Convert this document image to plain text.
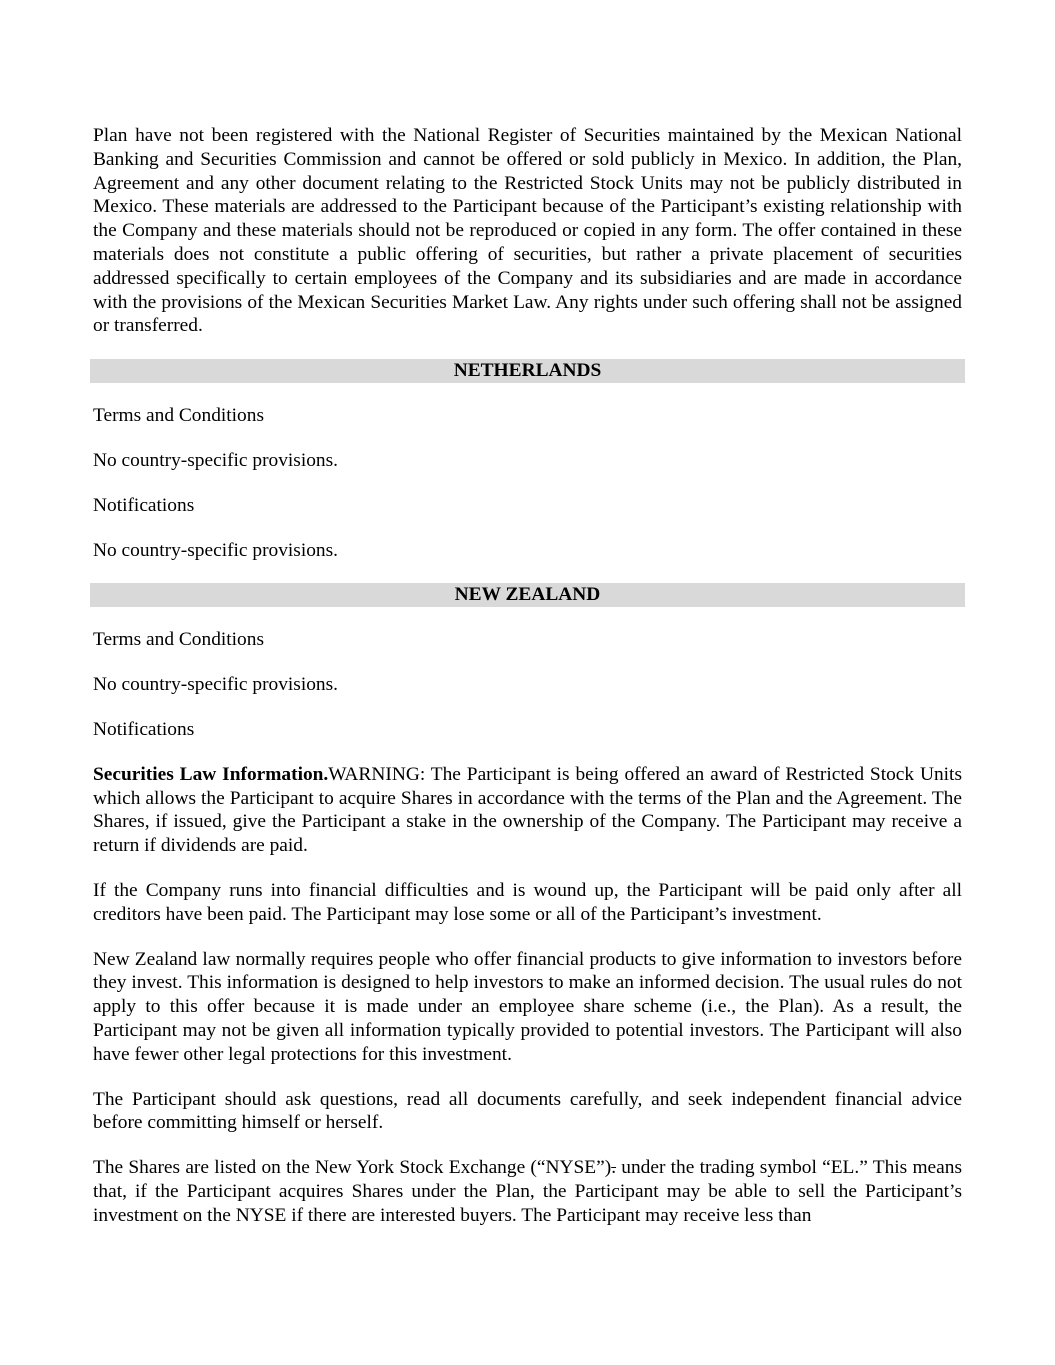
Plan have not been registered with the National Register of Securities maintained by the Mexican National Banking and Securities Commission and cannot be offered or sold publicly in Mexico. In addition, the Plan, Agreement and any other document relating to the Restricted Stock Units may not be publicly distributed in Mexico. These materials are addressed to the Participant because of the Participant’s existing relationship with the Company and these materials should not be reproduced or copied in any form. The offer contained in these materials does not constitute a public offering of securities, but rather a private placement of securities addressed specifically to certain employees of the Company and its subsidiaries and are made in accordance with the provisions of the Mexican Securities Market Law. Any rights under such offering shall not be assigned or transferred.

NETHERLANDS

Terms and Conditions

No country-specific provisions.

Notifications

No country-specific provisions.

NEW ZEALAND

Terms and Conditions

No country-specific provisions.

Notifications

Securities Law Information.WARNING: The Participant is being offered an award of Restricted Stock Units which allows the Participant to acquire Shares in accordance with the terms of the Plan and the Agreement. The Shares, if issued, give the Participant a stake in the ownership of the Company. The Participant may receive a return if dividends are paid.

If the Company runs into financial difficulties and is wound up, the Participant will be paid only after all creditors have been paid. The Participant may lose some or all of the Participant’s investment.

New Zealand law normally requires people who offer financial products to give information to investors before they invest. This information is designed to help investors to make an informed decision. The usual rules do not apply to this offer because it is made under an employee share scheme (i.e., the Plan). As a result, the Participant may not be given all information typically provided to potential investors. The Participant will also have fewer other legal protections for this investment.

The Participant should ask questions, read all documents carefully, and seek independent financial advice before committing himself or herself.

The Shares are listed on the New York Stock Exchange (“NYSE”). under the trading symbol “EL.” This means that, if the Participant acquires Shares under the Plan, the Participant may be able to sell the Participant’s investment on the NYSE if there are interested buyers. The Participant may receive less than
